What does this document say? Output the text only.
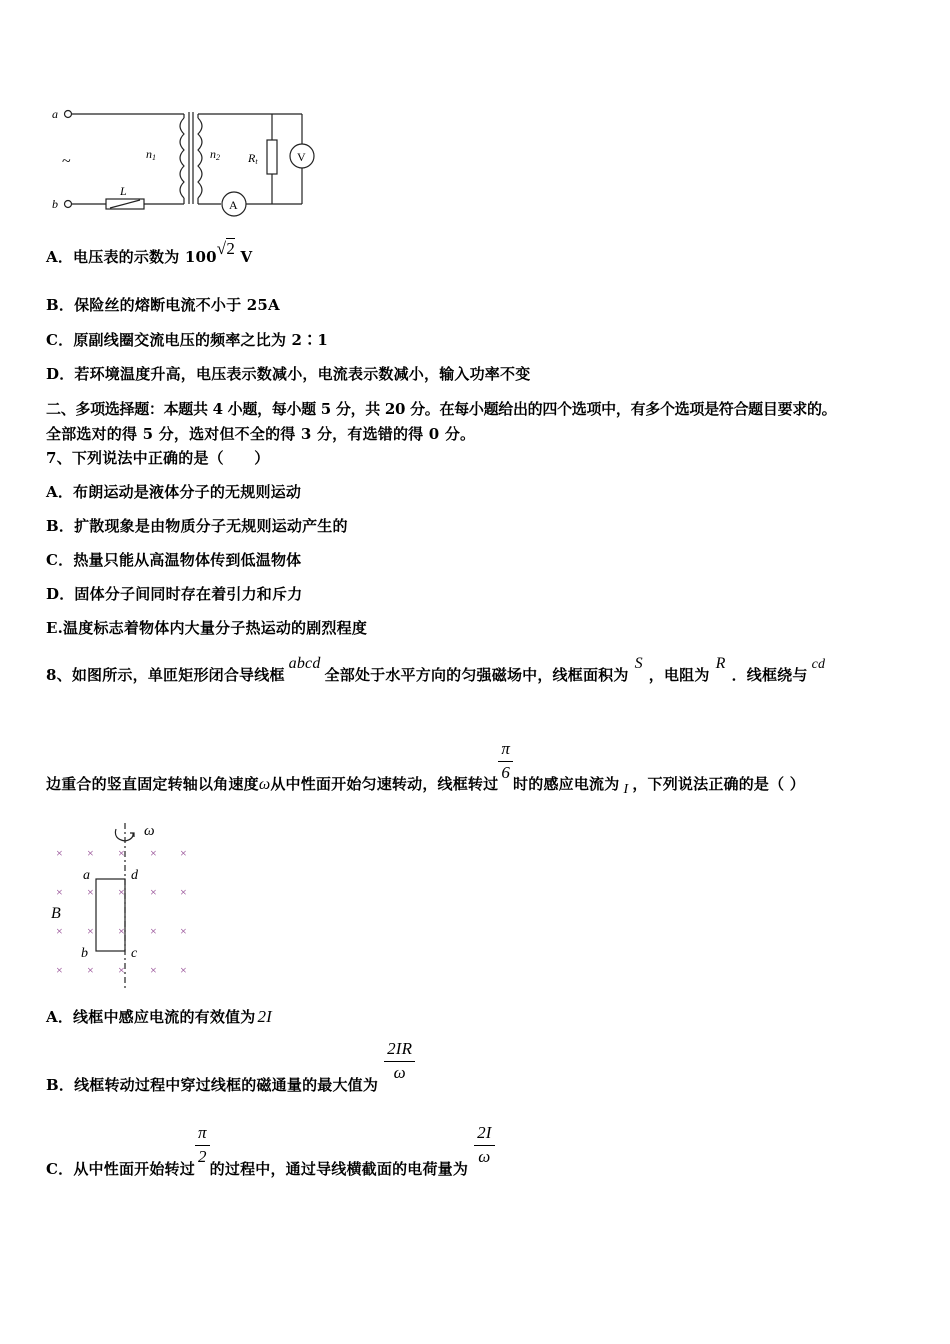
a
b
~	n1	n2 Rt
L
V
A
A．电压表的示数为 100√2 V
B．保险丝的熔断电流不小于 25A
C．原副线圈交流电压的频率之比为 2∶1
D．若环境温度升高，电压表示数减小，电流表示数减小，输入功率不变
二、多项选择题：本题共 4 小题，每小题 5 分，共 20 分。在每小题给出的四个选项中，有多个选项是符合题目要求的。
全部选对的得 5 分，选对但不全的得 3 分，有选错的得 0 分。
7、下列说法中正确的是（　　）
A．布朗运动是液体分子的无规则运动
B．扩散现象是由物质分子无规则运动产生的
C．热量只能从高温物体传到低温物体
D．固体分子间同时存在着引力和斥力
E.温度标志着物体内大量分子热运动的剧烈程度
8、如图所示，单匝矩形闭合导线框abcd全部处于水平方向的匀强磁场中，线框面积为S，电阻为R．线框绕与cd
边重合的竖直固定转轴以角速度ω从中性面开始匀速转动，线框转过
$\frac{\pi}{6}$
时的感应电流为 I ，下列说法正确的是（ ）
× × × × ×
× × × × ×
× × × × ×
× × × × ×
ω
a	d
b	c
B
A．线框中感应电流的有效值为 2I
B．线框转动过程中穿过线框的磁通量的最大值为
$\frac{2IR}{\omega}$
C．从中性面开始转过
$\frac{\pi}{2}$
的过程中，通过导线横截面的电荷量为
$\frac{2I}{\omega}$
